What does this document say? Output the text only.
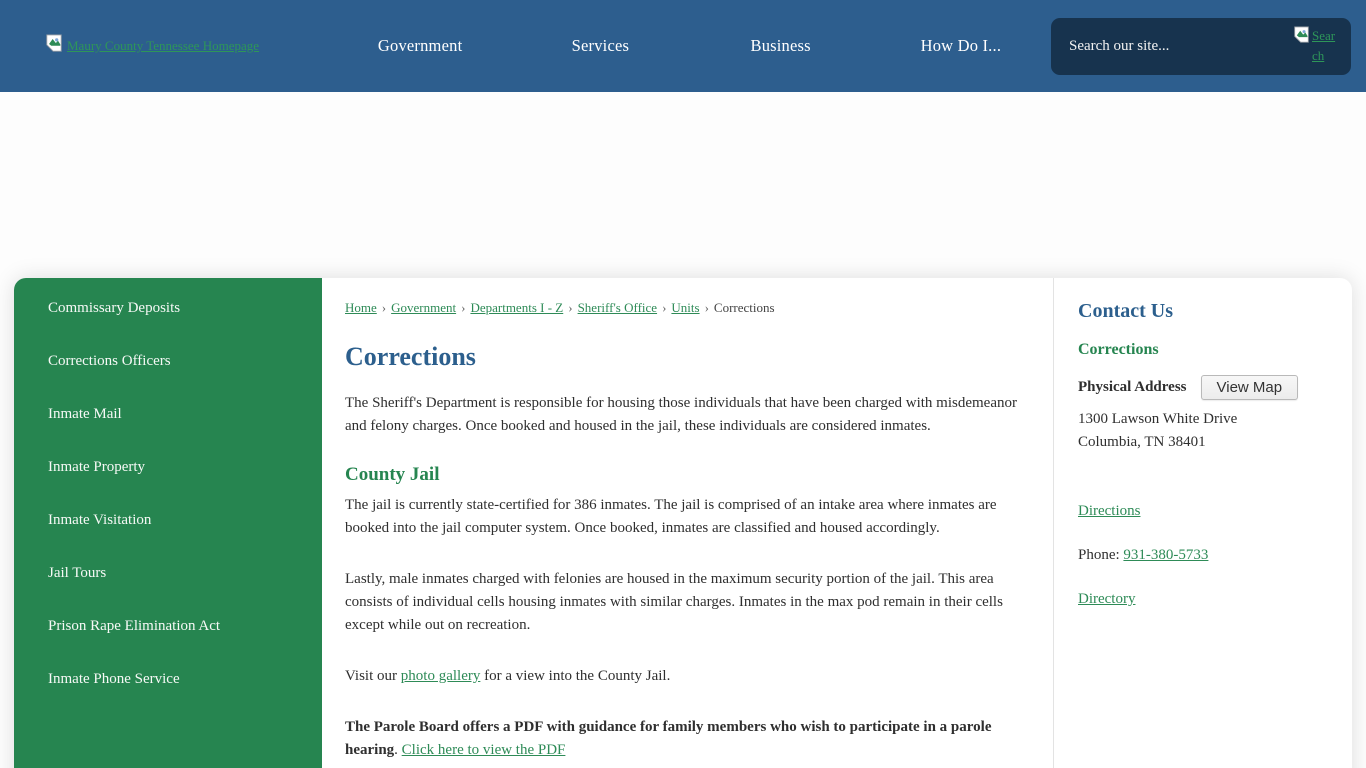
Maury County Tennessee Homepage	Government	Services	Business	How Do I...
Search our site...
Search
Commissary Deposits
Corrections Officers
Inmate Mail
Inmate Property
Inmate Visitation
Jail Tours
Prison Rape Elimination Act
Inmate Phone Service
Home › Government › Departments I - Z › Sheriff's Office › Units › Corrections
Corrections

The Sheriff's Department is responsible for housing those individuals that have been charged with misdemeanor and felony charges. Once booked and housed in the jail, these individuals are considered inmates.

County Jail

The jail is currently state-certified for 386 inmates. The jail is comprised of an intake area where inmates are booked into the jail computer system. Once booked, inmates are classified and housed accordingly.

Lastly, male inmates charged with felonies are housed in the maximum security portion of the jail. This area consists of individual cells housing inmates with similar charges. Inmates in the max pod remain in their cells except while out on recreation.

Visit our photo gallery for a view into the County Jail.

The Parole Board offers a PDF with guidance for family members who wish to participate in a parole hearing. Click here to view the PDF

Contact Us
Corrections
Physical Address	View Map
1300 Lawson White Drive
Columbia, TN 38401
Directions
Phone: 931-380-5733
Directory
